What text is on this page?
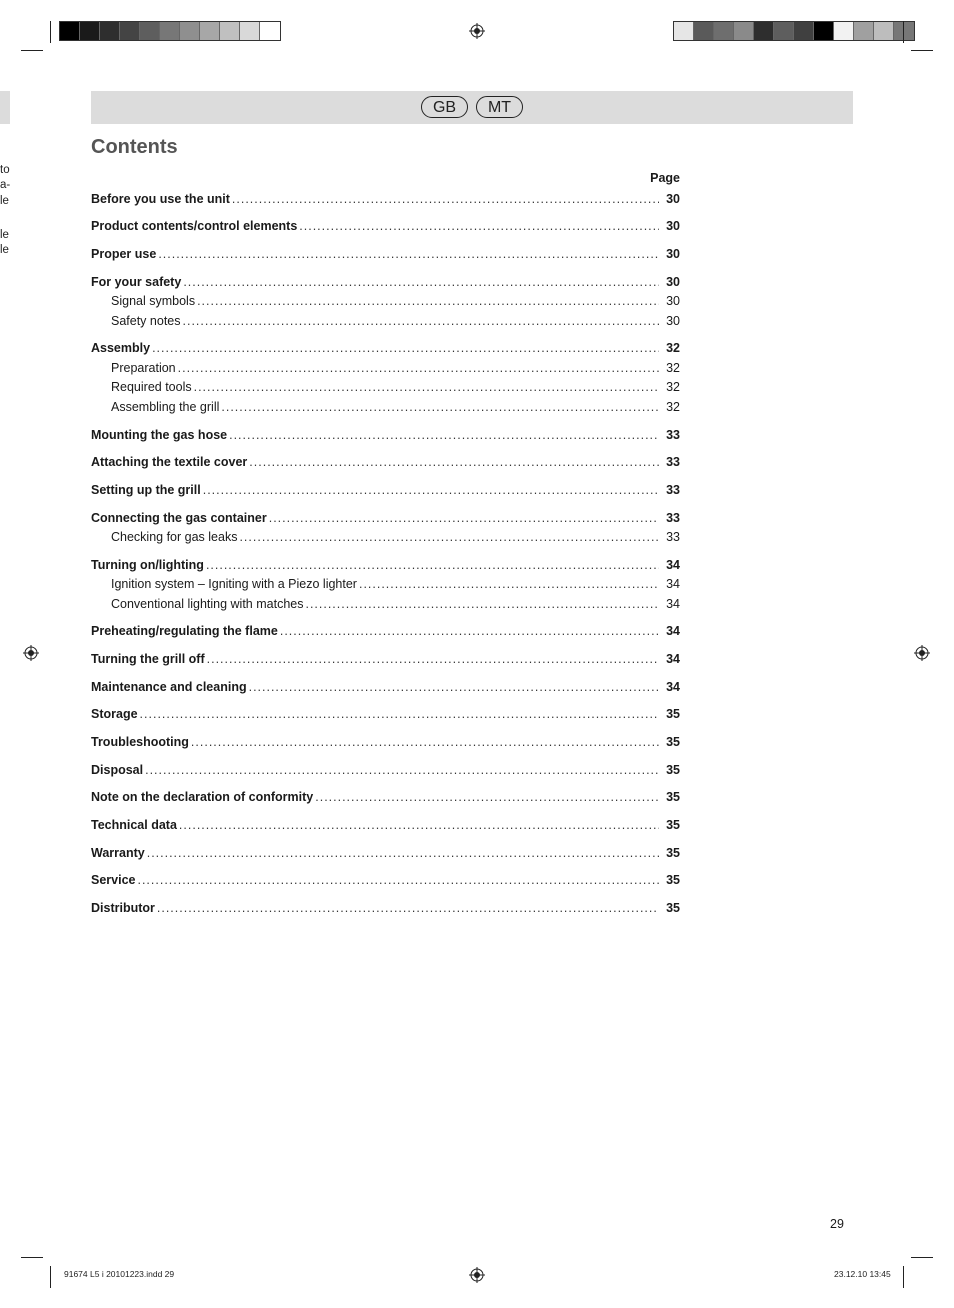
to
a-
le
le
le
GB	MT
Contents
Page
Before you use the unit .....	30
Product contents/control elements .....	30
Proper use .....	30
For your safety .....	30
Signal symbols .....	30
Safety notes .....	30
Assembly .....	32
Preparation .....	32
Required tools .....	32
Assembling the grill .....	32
Mounting the gas hose .....	33
Attaching the textile cover .....	33
Setting up the grill .....	33
Connecting the gas container .....	33
Checking for gas leaks .....	33
Turning on/lighting .....	34
Ignition system – Igniting with a Piezo lighter .....	34
Conventional lighting with matches .....	34
Preheating/regulating the flame .....	34
Turning the grill off .....	34
Maintenance and cleaning .....	34
Storage .....	35
Troubleshooting .....	35
Disposal .....	35
Note on the declaration of conformity .....	35
Technical data .....	35
Warranty .....	35
Service .....	35
Distributor .....	35
29
91674 L5 i 20101223.indd 29	23.12.10 13:45
